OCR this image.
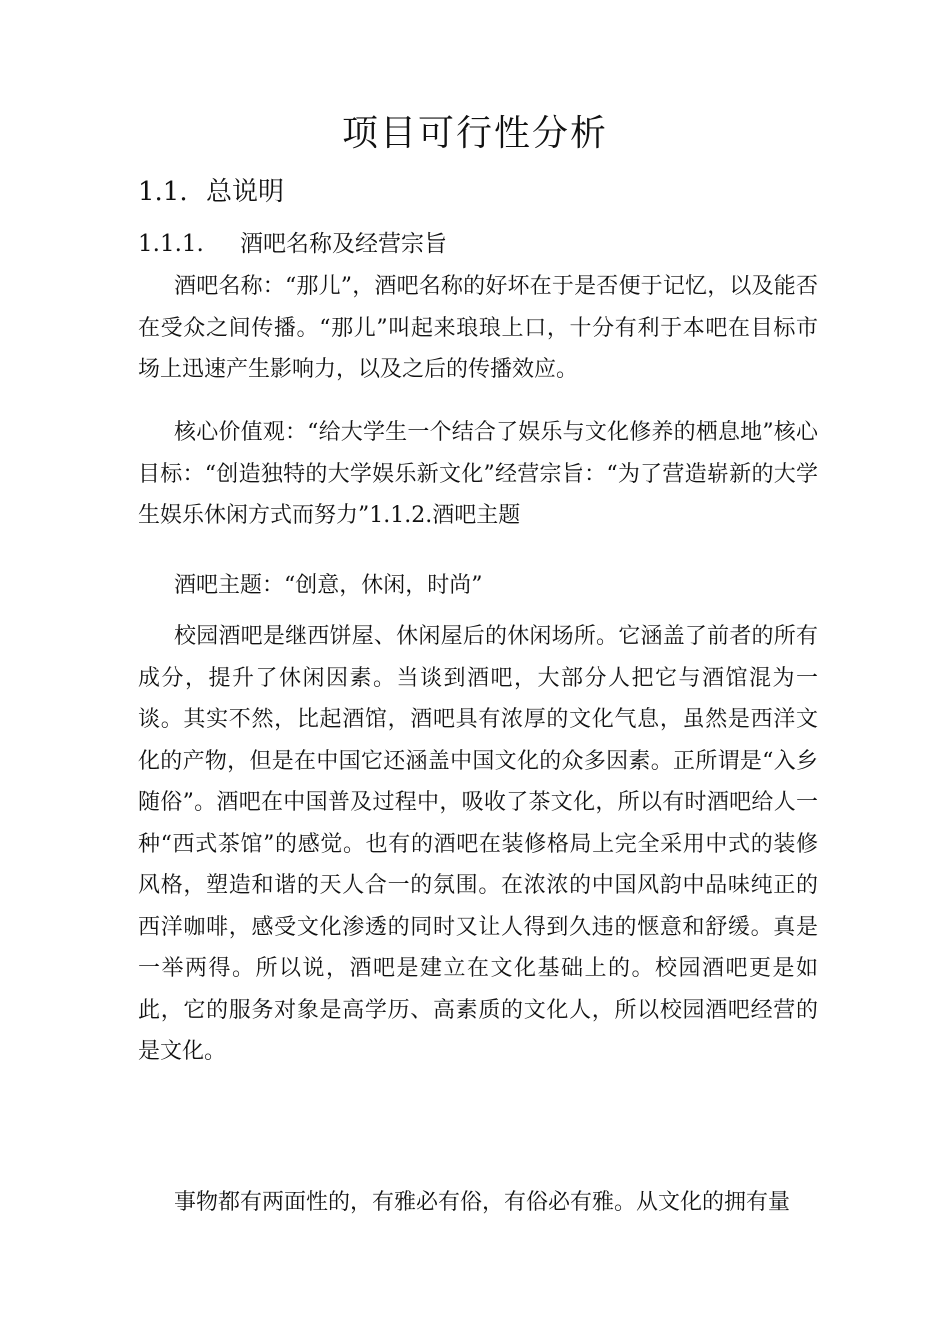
项目可行性分析
1.1. 总说明
1.1.1. 酒吧名称及经营宗旨

酒吧名称：“那儿”，酒吧名称的好坏在于是否便于记忆，以及能否在受众之间传播。“那儿”叫起来琅琅上口，十分有利于本吧在目标市场上迅速产生影响力，以及之后的传播效应。

核心价值观：“给大学生一个结合了娱乐与文化修养的栖息地”核心目标：“创造独特的大学娱乐新文化”经营宗旨：“为了营造崭新的大学生娱乐休闲方式而努力”1.1.2.酒吧主题

酒吧主题：“创意，休闲，时尚”

校园酒吧是继西饼屋、休闲屋后的休闲场所。它涵盖了前者的所有成分，提升了休闲因素。当谈到酒吧，大部分人把它与酒馆混为一谈。其实不然，比起酒馆，酒吧具有浓厚的文化气息，虽然是西洋文化的产物，但是在中国它还涵盖中国文化的众多因素。正所谓是“入乡随俗”。酒吧在中国普及过程中，吸收了茶文化，所以有时酒吧给人一种“西式茶馆”的感觉。也有的酒吧在装修格局上完全采用中式的装修风格，塑造和谐的天人合一的氛围。在浓浓的中国风韵中品味纯正的西洋咖啡，感受文化渗透的同时又让人得到久违的惬意和舒缓。真是一举两得。所以说，酒吧是建立在文化基础上的。校园酒吧更是如此，它的服务对象是高学历、高素质的文化人，所以校园酒吧经营的是文化。

事物都有两面性的，有雅必有俗，有俗必有雅。从文化的拥有量
